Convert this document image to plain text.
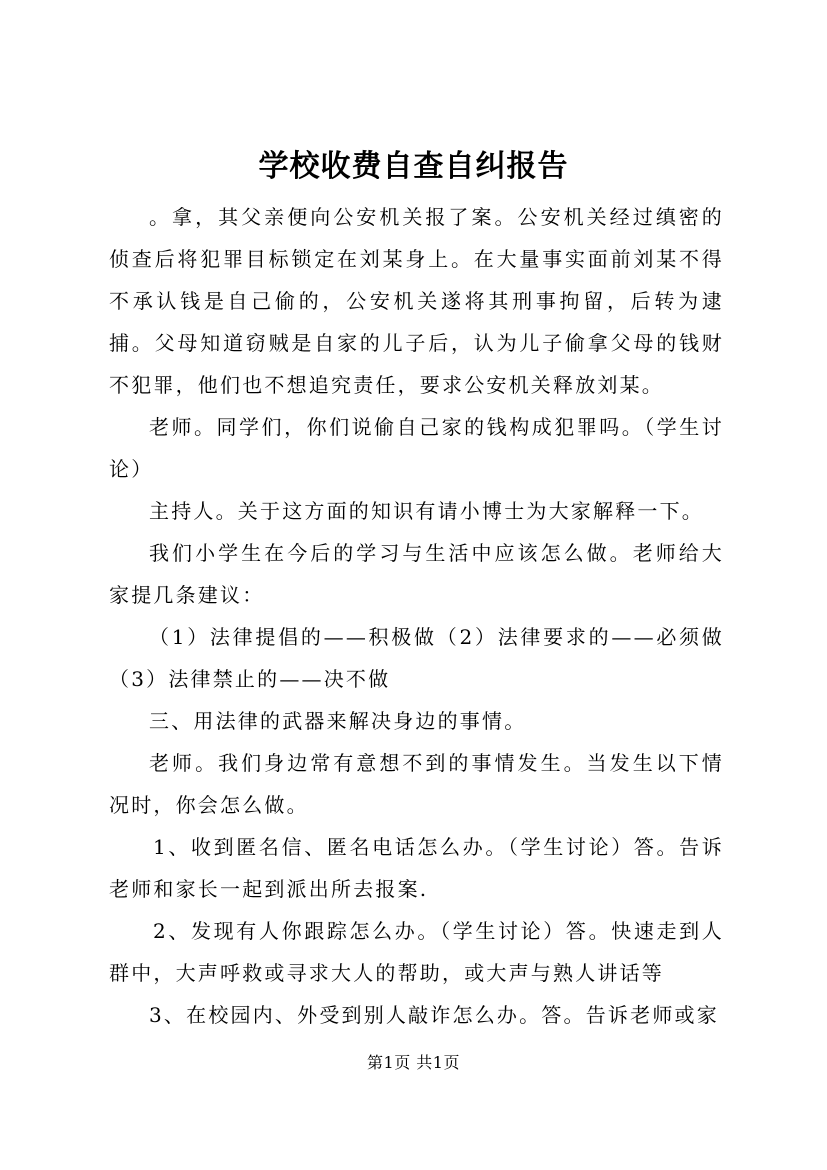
学校收费自查自纠报告

。拿，其父亲便向公安机关报了案。公安机关经过缜密的侦查后将犯罪目标锁定在刘某身上。在大量事实面前刘某不得不承认钱是自己偷的，公安机关遂将其刑事拘留，后转为逮捕。父母知道窃贼是自家的儿子后，认为儿子偷拿父母的钱财不犯罪，他们也不想追究责任，要求公安机关释放刘某。

老师。同学们，你们说偷自己家的钱构成犯罪吗。（学生讨论）

主持人。关于这方面的知识有请小博士为大家解释一下。

我们小学生在今后的学习与生活中应该怎么做。老师给大家提几条建议：

（1）法律提倡的——积极做（2）法律要求的——必须做（3）法律禁止的——决不做

三、用法律的武器来解决身边的事情。

老师。我们身边常有意想不到的事情发生。当发生以下情况时，你会怎么做。

1、收到匿名信、匿名电话怎么办。（学生讨论）答。告诉老师和家长一起到派出所去报案.

2、发现有人你跟踪怎么办。（学生讨论）答。快速走到人群中，大声呼救或寻求大人的帮助，或大声与熟人讲话等

3、在校园内、外受到别人敲诈怎么办。答。告诉老师或家

第1页 共1页
